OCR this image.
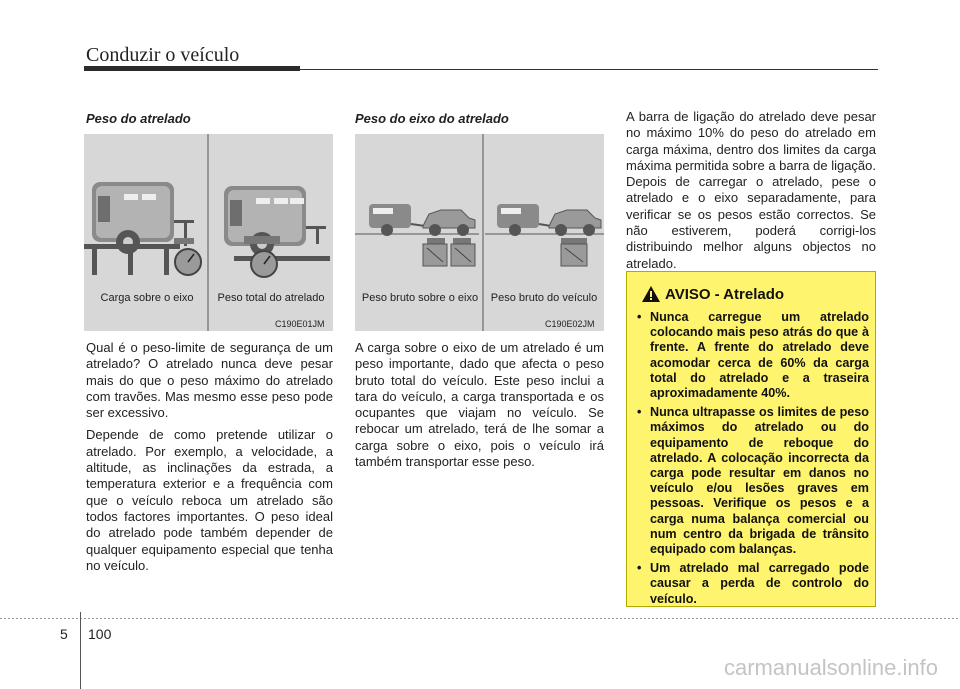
Conduzir o veículo
Peso do atrelado
Carga sobre o eixo	Peso total do atrelado
C190E01JM

Qual é o peso-limite de segurança de um atrelado? O atrelado nunca deve pesar mais do que o peso máximo do atrelado com travões. Mas mesmo esse peso pode ser excessivo.

Depende de como pretende utilizar o atrelado. Por exemplo, a velocidade, a altitude, as inclinações da estrada, a temperatura exterior e a frequência com que o veículo reboca um atrelado são todos factores importantes. O peso ideal do atrelado pode também depender de qualquer equipamento especial que tenha no veículo.

Peso do eixo do atrelado
Peso bruto sobre o eixo	Peso bruto do veículo
C190E02JM

A carga sobre o eixo de um atrelado é um peso importante, dado que afecta o peso bruto total do veículo. Este peso inclui a tara do veículo, a carga transportada e os ocupantes que viajam no veículo. Se rebocar um atrelado, terá de lhe somar a carga sobre o eixo, pois o veículo irá também transportar esse peso.

A barra de ligação do atrelado deve pesar no máximo 10% do peso do atrelado em carga máxima, dentro dos limites da carga máxima permitida sobre a barra de ligação. Depois de carregar o atrelado, pese o atrelado e o eixo separadamente, para verificar se os pesos estão correctos. Se não estiverem, poderá corrigi-los distribuindo melhor alguns objectos no atrelado.

AVISO - Atrelado
• Nunca carregue um atrelado colocando mais peso atrás do que à frente. A frente do atrelado deve acomodar cerca de 60% da carga total do atrelado e a traseira aproximadamente 40%.
• Nunca ultrapasse os limites de peso máximos do atrelado ou do equipamento de reboque do atrelado. A colocação incorrecta da carga pode resultar em danos no veículo e/ou lesões graves em pessoas. Verifique os pesos e a carga numa balança comercial ou num centro da brigada de trânsito equipado com balanças.
• Um atrelado mal carregado pode causar a perda de controlo do veículo.
5 100
carmanualsonline.info
